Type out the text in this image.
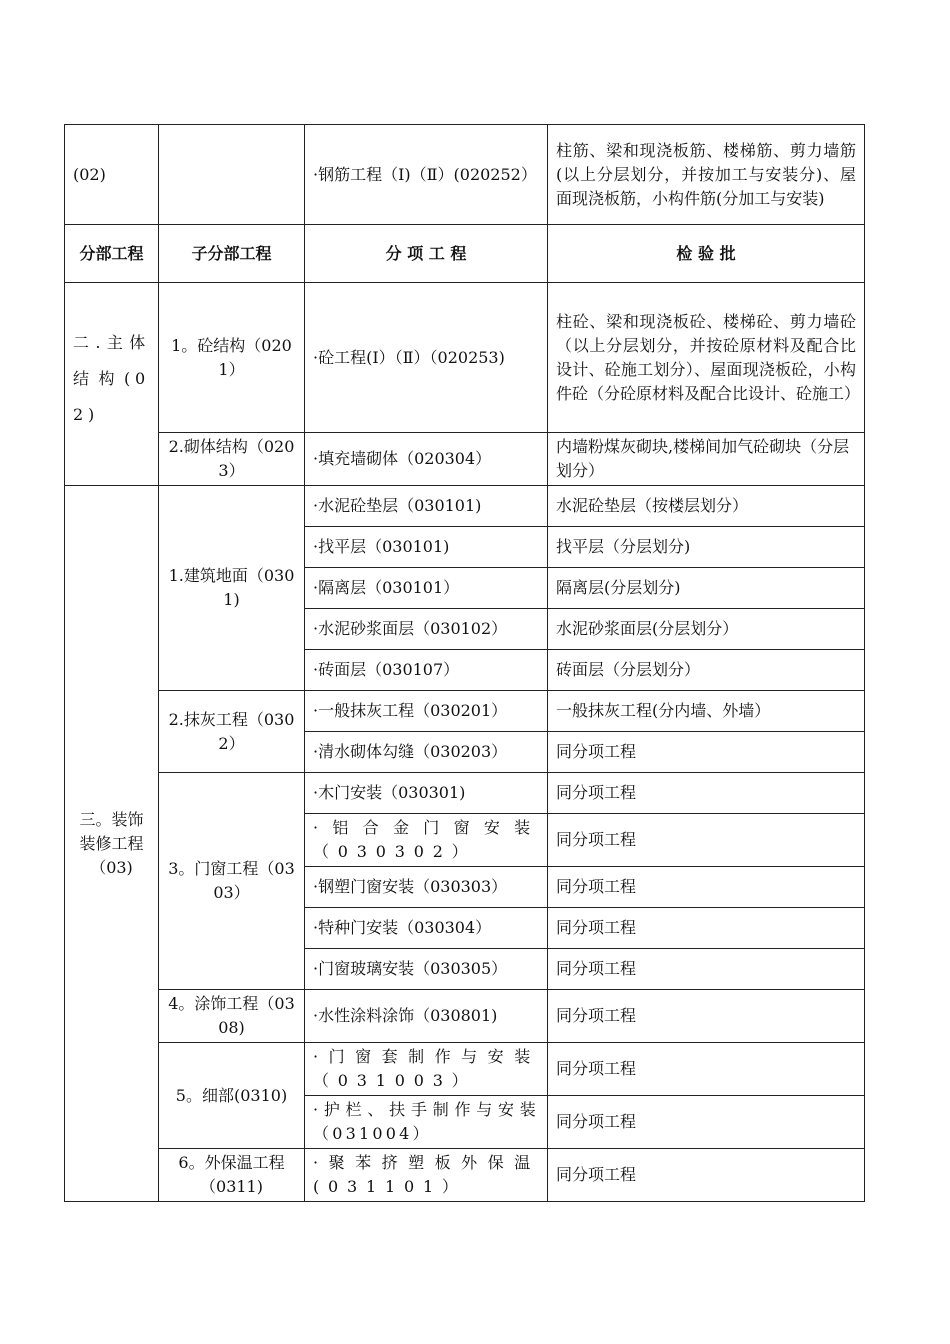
(02)		·钢筋工程（Ⅰ)（Ⅱ）(020252）	柱筋、梁和现浇板筋、楼梯筋、剪力墙筋(以上分层划分，并按加工与安装分)、屋面现浇板筋，小构件筋(分加工与安装)
分部工程	子分部工程	分 项 工 程	检 验 批
二.主体结构(02)	1。砼结构（0201）	·砼工程(Ⅰ）（Ⅱ）（020253)	柱砼、梁和现浇板砼、楼梯砼、剪力墙砼（以上分层划分，并按砼原材料及配合比设计、砼施工划分）、屋面现浇板砼，小构件砼（分砼原材料及配合比设计、砼施工）
	2.砌体结构（0203）	·填充墙砌体（020304）	内墙粉煤灰砌块,楼梯间加气砼砌块（分层划分）
三。装饰装修工程（03)	1.建筑地面（0301)	·水泥砼垫层（030101)	水泥砼垫层（按楼层划分）
		·找平层（030101)	找平层（分层划分)
		·隔离层（030101）	隔离层(分层划分)
		·水泥砂浆面层（030102）	水泥砂浆面层(分层划分）
		·砖面层（030107）	砖面层（分层划分）
	2.抹灰工程（0302）	·一般抹灰工程（030201）	一般抹灰工程(分内墙、外墙）
		·清水砌体勾缝（030203）	同分项工程
	3。门窗工程（0303）	·木门安装（030301)	同分项工程
		·铝合金门窗安装（030302）	同分项工程
		·钢塑门窗安装（030303）	同分项工程
		·特种门安装（030304）	同分项工程
		·门窗玻璃安装（030305）	同分项工程
	4。涂饰工程（0308)	·水性涂料涂饰（030801)	同分项工程
	5。细部(0310)	·门窗套制作与安装（031003）	同分项工程
		·护栏、扶手制作与安装（031004）	同分项工程
	6。外保温工程（0311)	·聚苯挤塑板外保温(031101）	同分项工程
